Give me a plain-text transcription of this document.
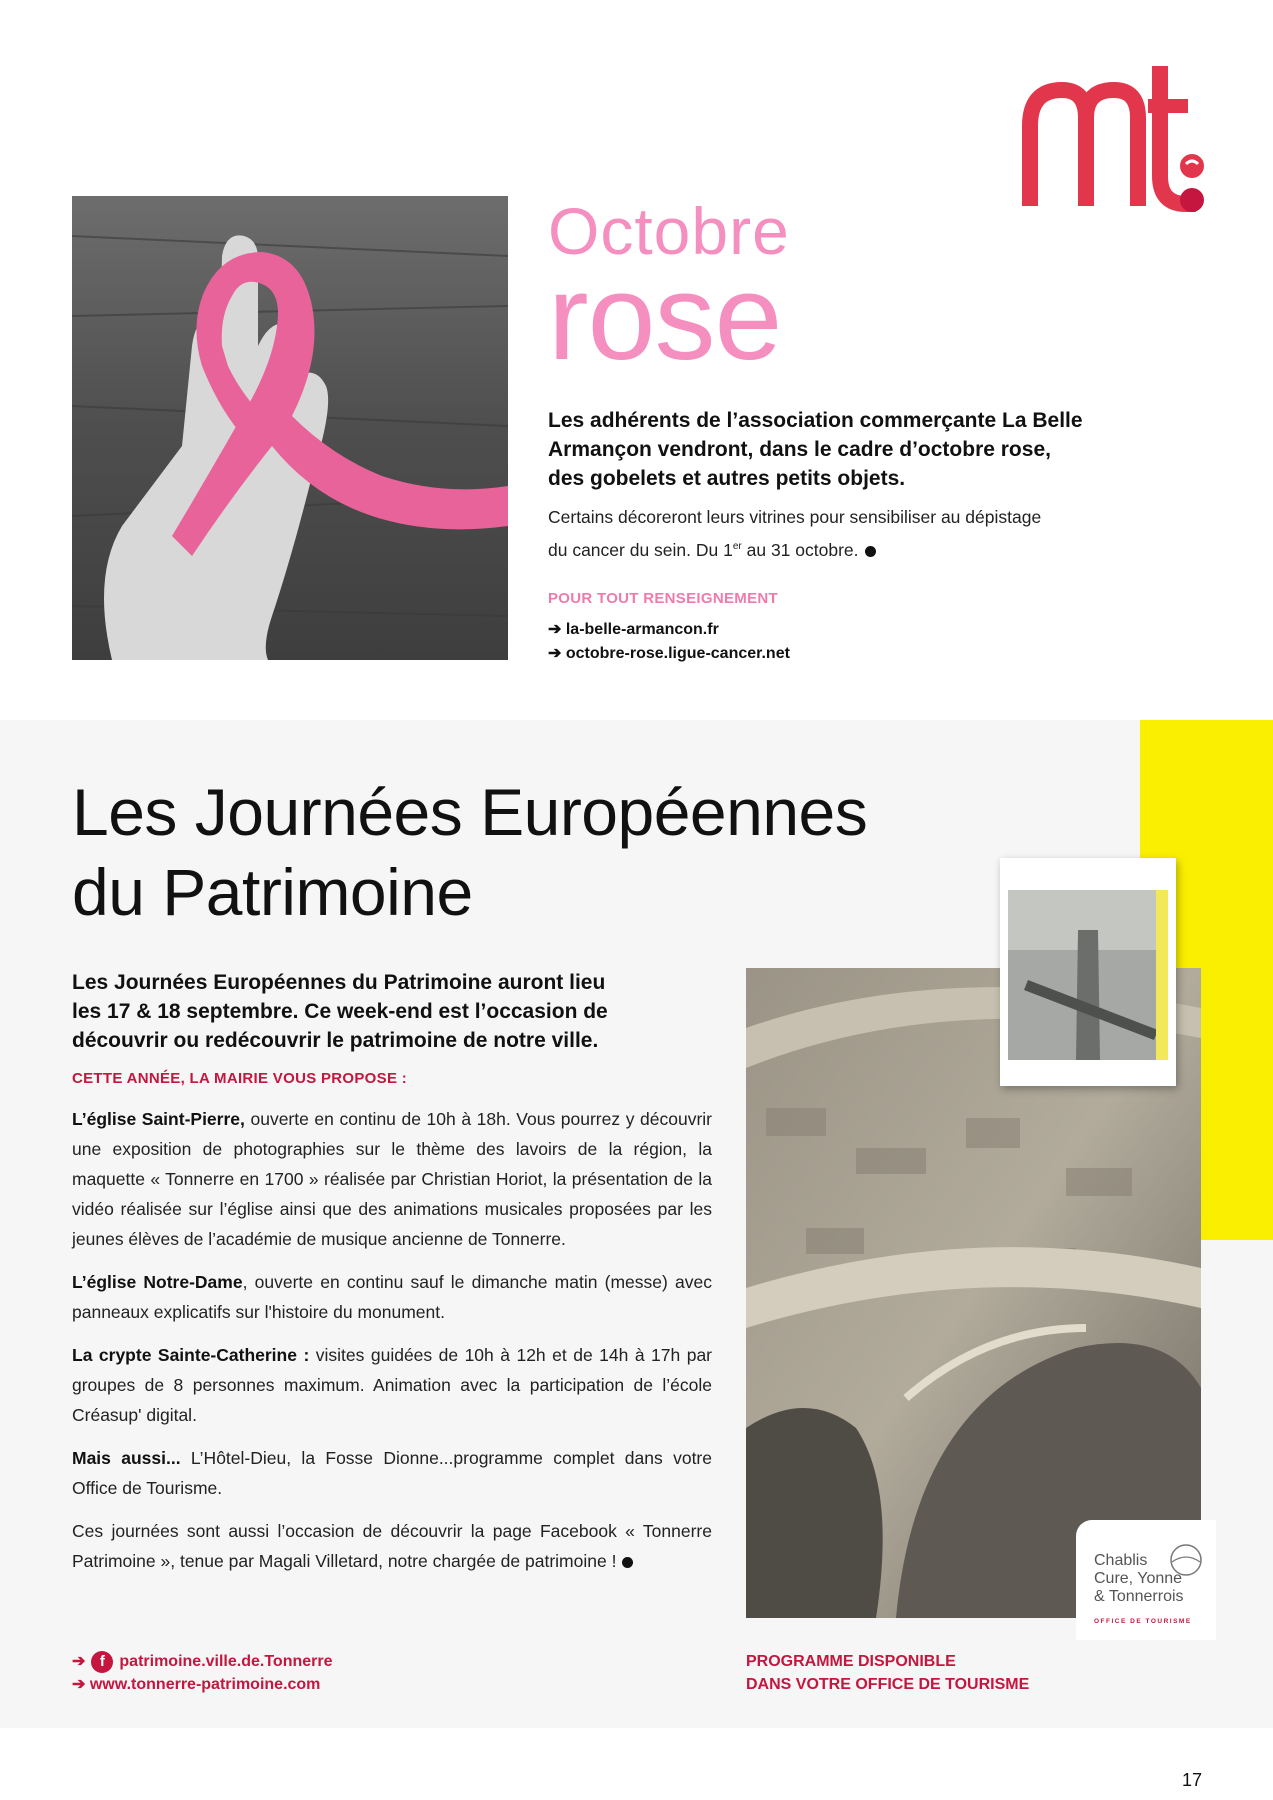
Octobre
rose
Les adhérents de l’association commerçante La Belle
Armançon vendront, dans le cadre d’octobre rose,
des gobelets et autres petits objets.
Certains décoreront leurs vitrines pour sensibiliser au dépistage
du cancer du sein. Du 1er au 31 octobre.
POUR TOUT RENSEIGNEMENT
➔ la-belle-armancon.fr
➔ octobre-rose.ligue-cancer.net
Les Journées Européennes
du Patrimoine
Les Journées Européennes du Patrimoine auront lieu
les 17 & 18 septembre. Ce week-end est l’occasion de
découvrir ou redécouvrir le patrimoine de notre ville.
CETTE ANNÉE, LA MAIRIE VOUS PROPOSE :

L’église Saint-Pierre, ouverte en continu de 10h à 18h. Vous pourrez y découvrir une exposition de photographies sur le thème des lavoirs de la région, la maquette « Tonnerre en 1700 » réalisée par Christian Horiot, la présentation de la vidéo réalisée sur l’église ainsi que des animations musicales proposées par les jeunes élèves de l’académie de musique ancienne de Tonnerre.

L’église Notre-Dame, ouverte en continu sauf le dimanche matin (messe) avec panneaux explicatifs sur l'histoire du monument.

La crypte Sainte-Catherine : visites guidées de 10h à 12h et de 14h à 17h par groupes de 8 personnes maximum. Animation avec la participation de l’école Créasup' digital.

Mais aussi... L’Hôtel-Dieu, la Fosse Dionne...programme complet dans votre Office de Tourisme.

Ces journées sont aussi l’occasion de découvrir la page Facebook « Tonnerre Patrimoine », tenue par Magali Villetard, notre chargée de patrimoine !

➔ f patrimoine.ville.de.Tonnerre
➔ www.tonnerre-patrimoine.com
Chablis
Cure, Yonne
& Tonnerrois
OFFICE DE TOURISME
PROGRAMME DISPONIBLE
DANS VOTRE OFFICE DE TOURISME
17
